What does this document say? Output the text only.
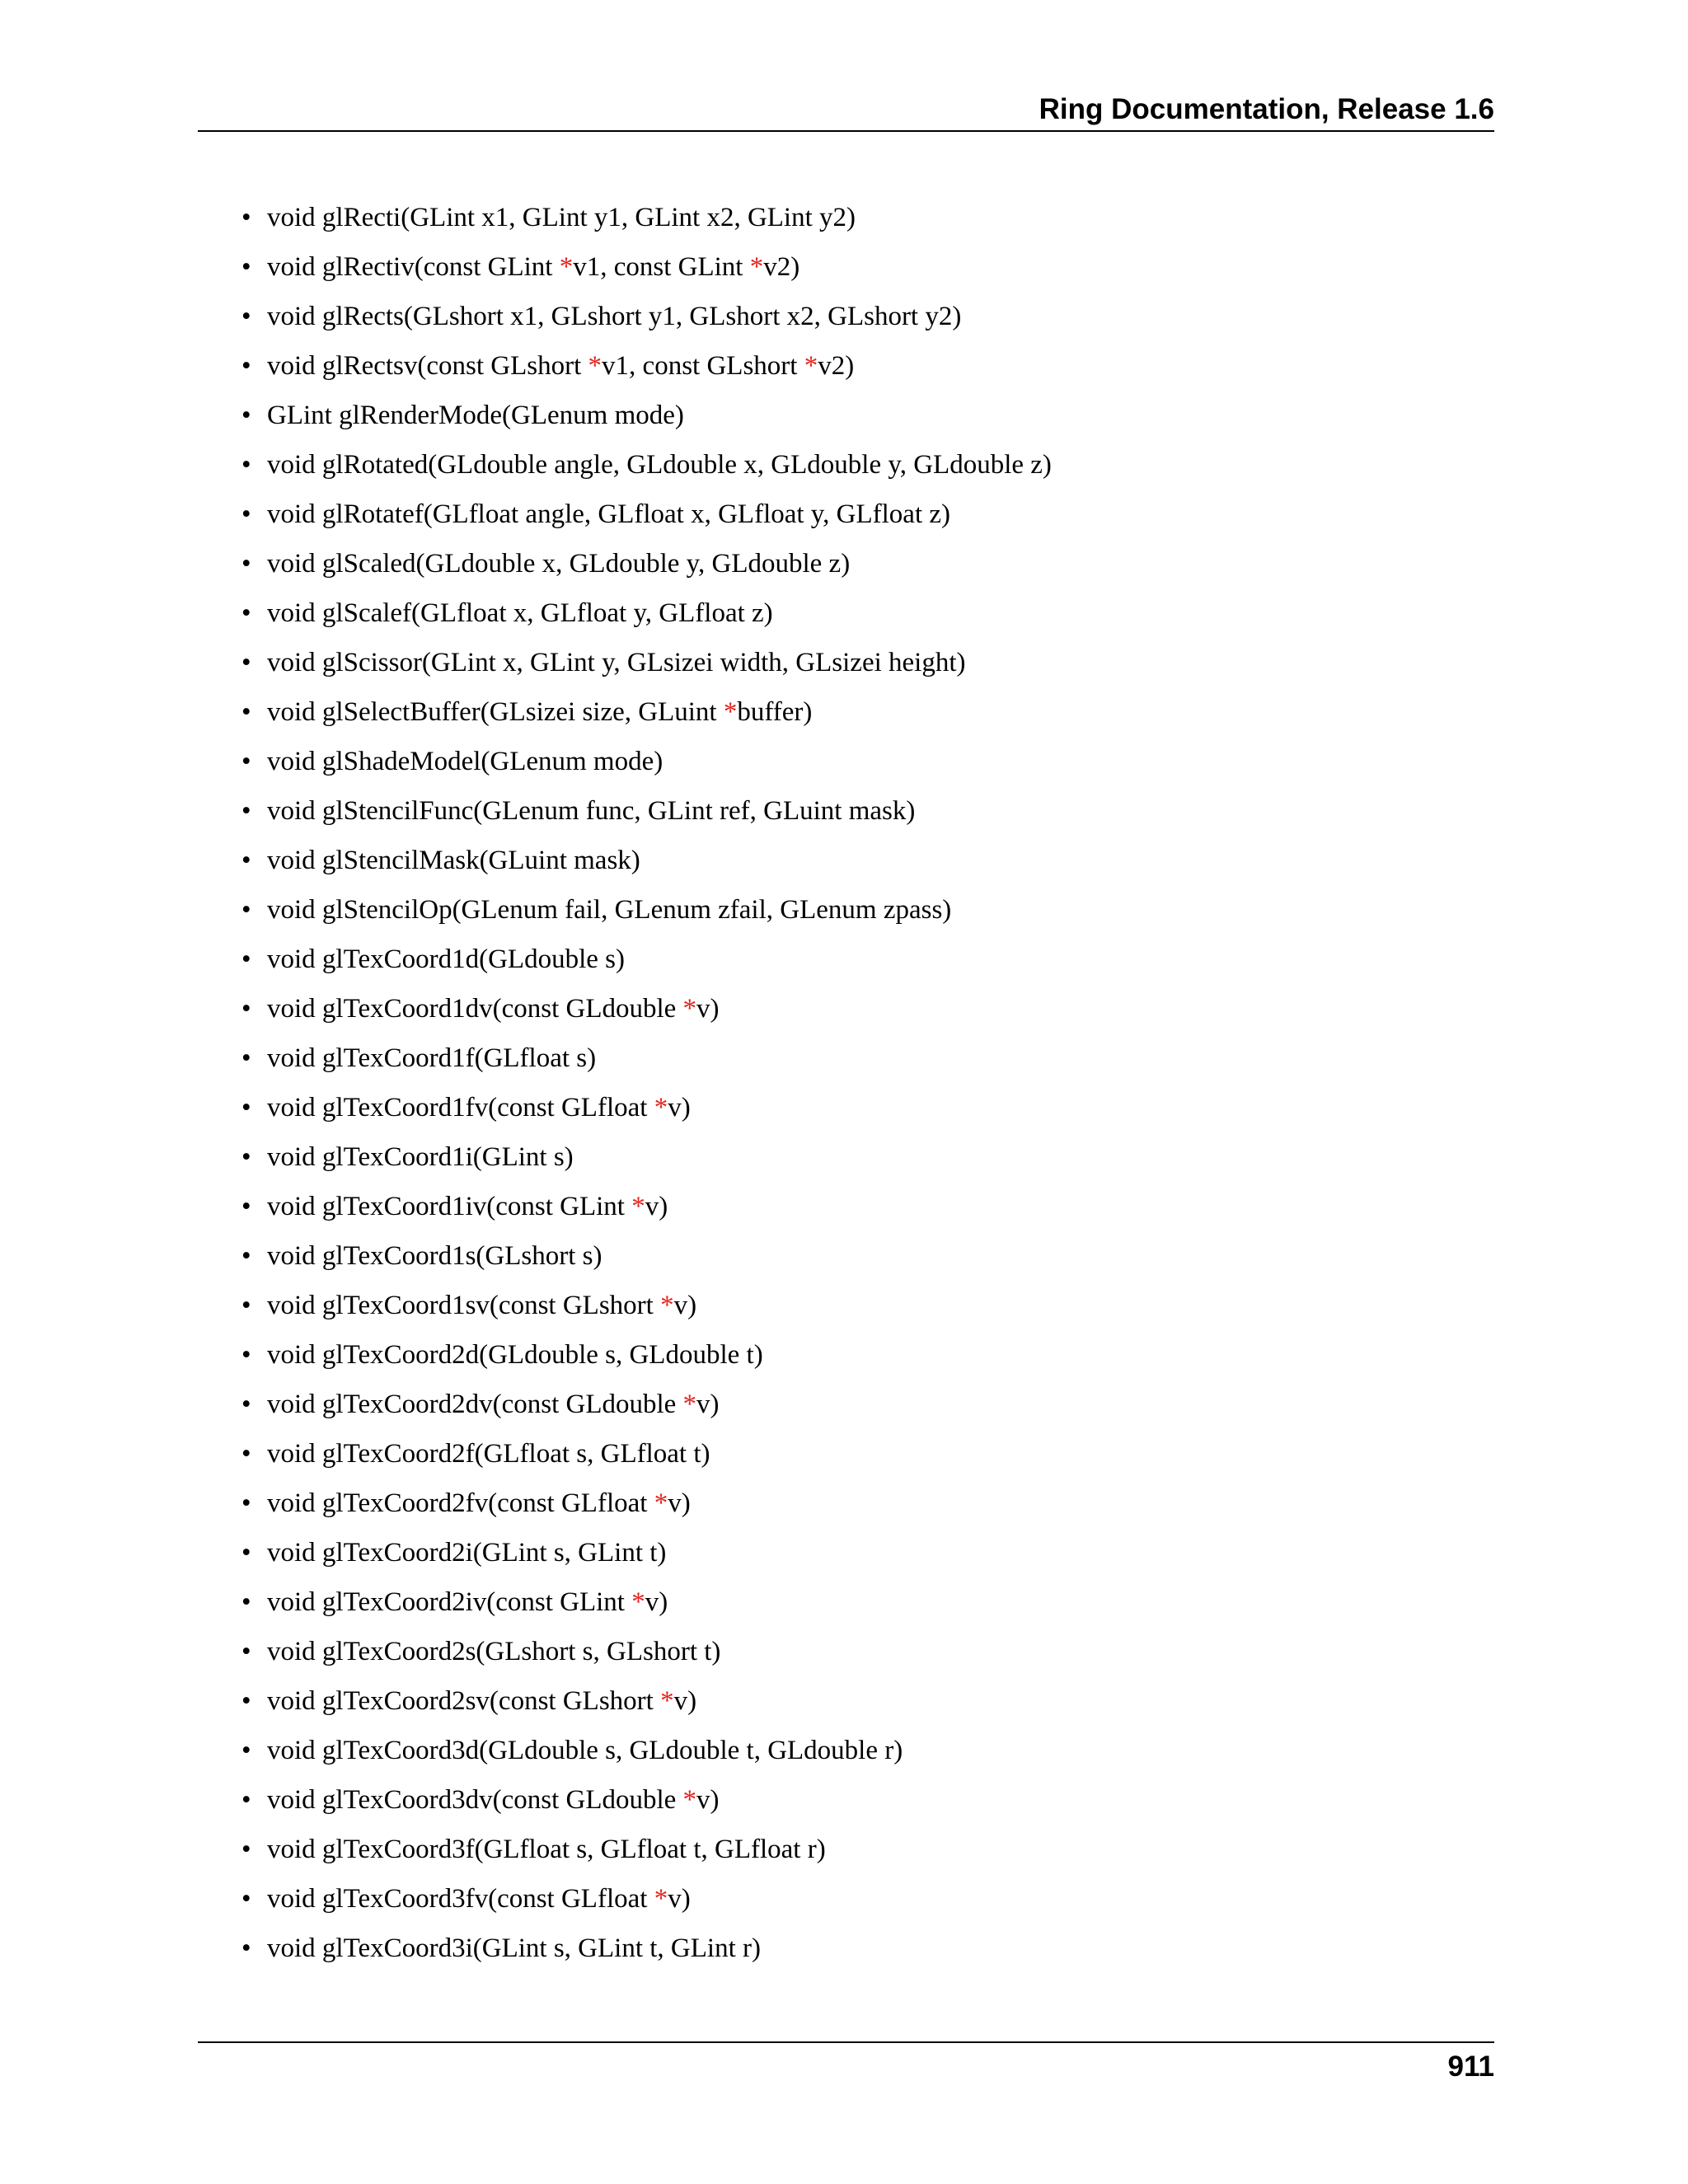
Ring Documentation, Release 1.6
• void glRecti(GLint x1, GLint y1, GLint x2, GLint y2)
• void glRectiv(const GLint *v1, const GLint *v2)
• void glRects(GLshort x1, GLshort y1, GLshort x2, GLshort y2)
• void glRectsv(const GLshort *v1, const GLshort *v2)
• GLint glRenderMode(GLenum mode)
• void glRotated(GLdouble angle, GLdouble x, GLdouble y, GLdouble z)
• void glRotatef(GLfloat angle, GLfloat x, GLfloat y, GLfloat z)
• void glScaled(GLdouble x, GLdouble y, GLdouble z)
• void glScalef(GLfloat x, GLfloat y, GLfloat z)
• void glScissor(GLint x, GLint y, GLsizei width, GLsizei height)
• void glSelectBuffer(GLsizei size, GLuint *buffer)
• void glShadeModel(GLenum mode)
• void glStencilFunc(GLenum func, GLint ref, GLuint mask)
• void glStencilMask(GLuint mask)
• void glStencilOp(GLenum fail, GLenum zfail, GLenum zpass)
• void glTexCoord1d(GLdouble s)
• void glTexCoord1dv(const GLdouble *v)
• void glTexCoord1f(GLfloat s)
• void glTexCoord1fv(const GLfloat *v)
• void glTexCoord1i(GLint s)
• void glTexCoord1iv(const GLint *v)
• void glTexCoord1s(GLshort s)
• void glTexCoord1sv(const GLshort *v)
• void glTexCoord2d(GLdouble s, GLdouble t)
• void glTexCoord2dv(const GLdouble *v)
• void glTexCoord2f(GLfloat s, GLfloat t)
• void glTexCoord2fv(const GLfloat *v)
• void glTexCoord2i(GLint s, GLint t)
• void glTexCoord2iv(const GLint *v)
• void glTexCoord2s(GLshort s, GLshort t)
• void glTexCoord2sv(const GLshort *v)
• void glTexCoord3d(GLdouble s, GLdouble t, GLdouble r)
• void glTexCoord3dv(const GLdouble *v)
• void glTexCoord3f(GLfloat s, GLfloat t, GLfloat r)
• void glTexCoord3fv(const GLfloat *v)
• void glTexCoord3i(GLint s, GLint t, GLint r)
911
